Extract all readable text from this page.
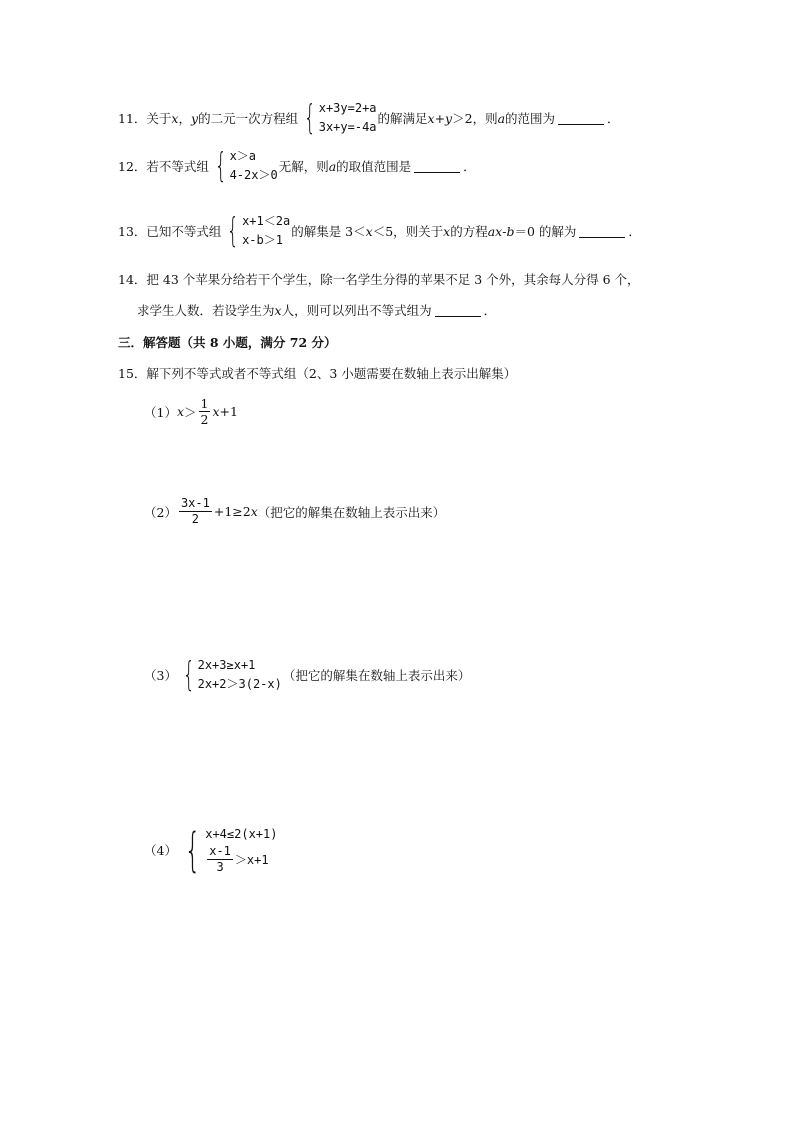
11． 关于 x ， y 的二元一次方程组 { x+3y=2+a
3x+y=-4a
的解满足 x+y ＞2，则 a 的范围为	．
12． 若不等式组 { x＞a
4-2x＞0
无解，则 a 的取值范围是	．
13． 已知不等式组 { x+1＜2a
x-b＞1
的解集是 3＜ x ＜5，则关于 x 的方程 ax - b ＝0 的解为	．
14．把 43 个苹果分给若干个学生，除一名学生分得的苹果不足 3 个外，其余每人分得 6 个，
求学生人数．若设学生为 x 人，则可以列出不等式组为	．
三．解答题（共 8 小题，满分 72 分）
15．解下列不等式或者不等式组（2、3 小题需要在数轴上表示出解集）
（1） $x > \frac{1}{2}$ x +1
$(2) \frac{3x-1}{2} +1\ge 2$ x （把它的解集在数轴上表示出来）
（3） { 2x+3≥x+1
2x+2＞3(2-x)
（把它的解集在数轴上表示出来）
（4） { x+4≤2(x+1)
$\frac{x-1}{3} >x+1$
